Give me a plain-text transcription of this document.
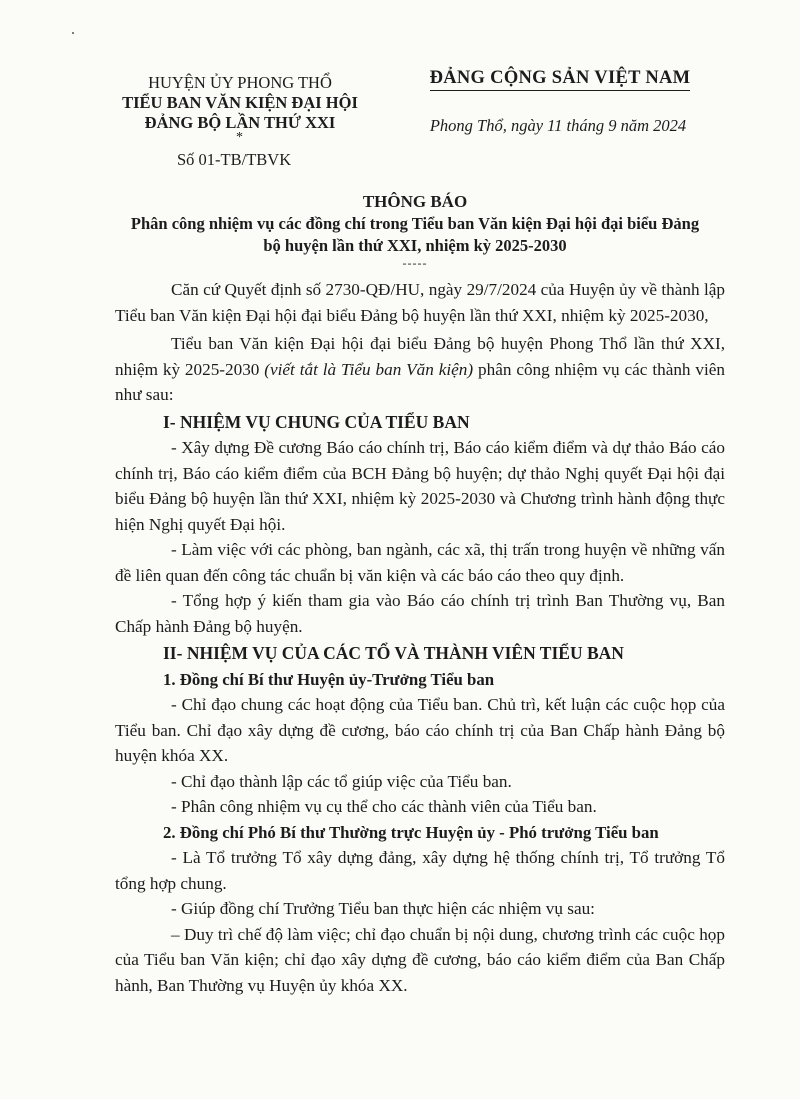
HUYỆN ỦY PHONG THỔ
TIỂU BAN VĂN KIỆN ĐẠI HỘI
ĐẢNG BỘ LẦN THỨ XXI
*
Số 01-TB/TBVK
ĐẢNG CỘNG SẢN VIỆT NAM
Phong Thổ, ngày 11 tháng 9 năm 2024
THÔNG BÁO
Phân công nhiệm vụ các đồng chí trong Tiểu ban Văn kiện Đại hội đại biểu Đảng
bộ huyện lần thứ XXI, nhiệm kỳ 2025-2030
-----

Căn cứ Quyết định số 2730-QĐ/HU, ngày 29/7/2024 của Huyện ủy về thành lập Tiểu ban Văn kiện Đại hội đại biểu Đảng bộ huyện lần thứ XXI, nhiệm kỳ 2025-2030,

Tiểu ban Văn kiện Đại hội đại biểu Đảng bộ huyện Phong Thổ lần thứ XXI, nhiệm kỳ 2025-2030 (viết tắt là Tiểu ban Văn kiện) phân công nhiệm vụ các thành viên như sau:

I- NHIỆM VỤ CHUNG CỦA TIỂU BAN

- Xây dựng Đề cương Báo cáo chính trị, Báo cáo kiểm điểm và dự thảo Báo cáo chính trị, Báo cáo kiểm điểm của BCH Đảng bộ huyện; dự thảo Nghị quyết Đại hội đại biểu Đảng bộ huyện lần thứ XXI, nhiệm kỳ 2025-2030 và Chương trình hành động thực hiện Nghị quyết Đại hội.

- Làm việc với các phòng, ban ngành, các xã, thị trấn trong huyện về những vấn đề liên quan đến công tác chuẩn bị văn kiện và các báo cáo theo quy định.

- Tổng hợp ý kiến tham gia vào Báo cáo chính trị trình Ban Thường vụ, Ban Chấp hành Đảng bộ huyện.

II- NHIỆM VỤ CỦA CÁC TỔ VÀ THÀNH VIÊN TIỂU BAN

1. Đồng chí Bí thư Huyện ủy-Trưởng Tiểu ban

- Chỉ đạo chung các hoạt động của Tiểu ban. Chủ trì, kết luận các cuộc họp của Tiểu ban. Chỉ đạo xây dựng đề cương, báo cáo chính trị của Ban Chấp hành Đảng bộ huyện khóa XX.

- Chỉ đạo thành lập các tổ giúp việc của Tiểu ban.

- Phân công nhiệm vụ cụ thể cho các thành viên của Tiểu ban.

2. Đồng chí Phó Bí thư Thường trực Huyện ủy - Phó trưởng Tiểu ban

- Là Tổ trưởng Tổ xây dựng đảng, xây dựng hệ thống chính trị, Tổ trưởng Tổ tổng hợp chung.

- Giúp đồng chí Trưởng Tiểu ban thực hiện các nhiệm vụ sau:

– Duy trì chế độ làm việc; chỉ đạo chuẩn bị nội dung, chương trình các cuộc họp của Tiểu ban Văn kiện; chỉ đạo xây dựng đề cương, báo cáo kiểm điểm của Ban Chấp hành, Ban Thường vụ Huyện ủy khóa XX.
